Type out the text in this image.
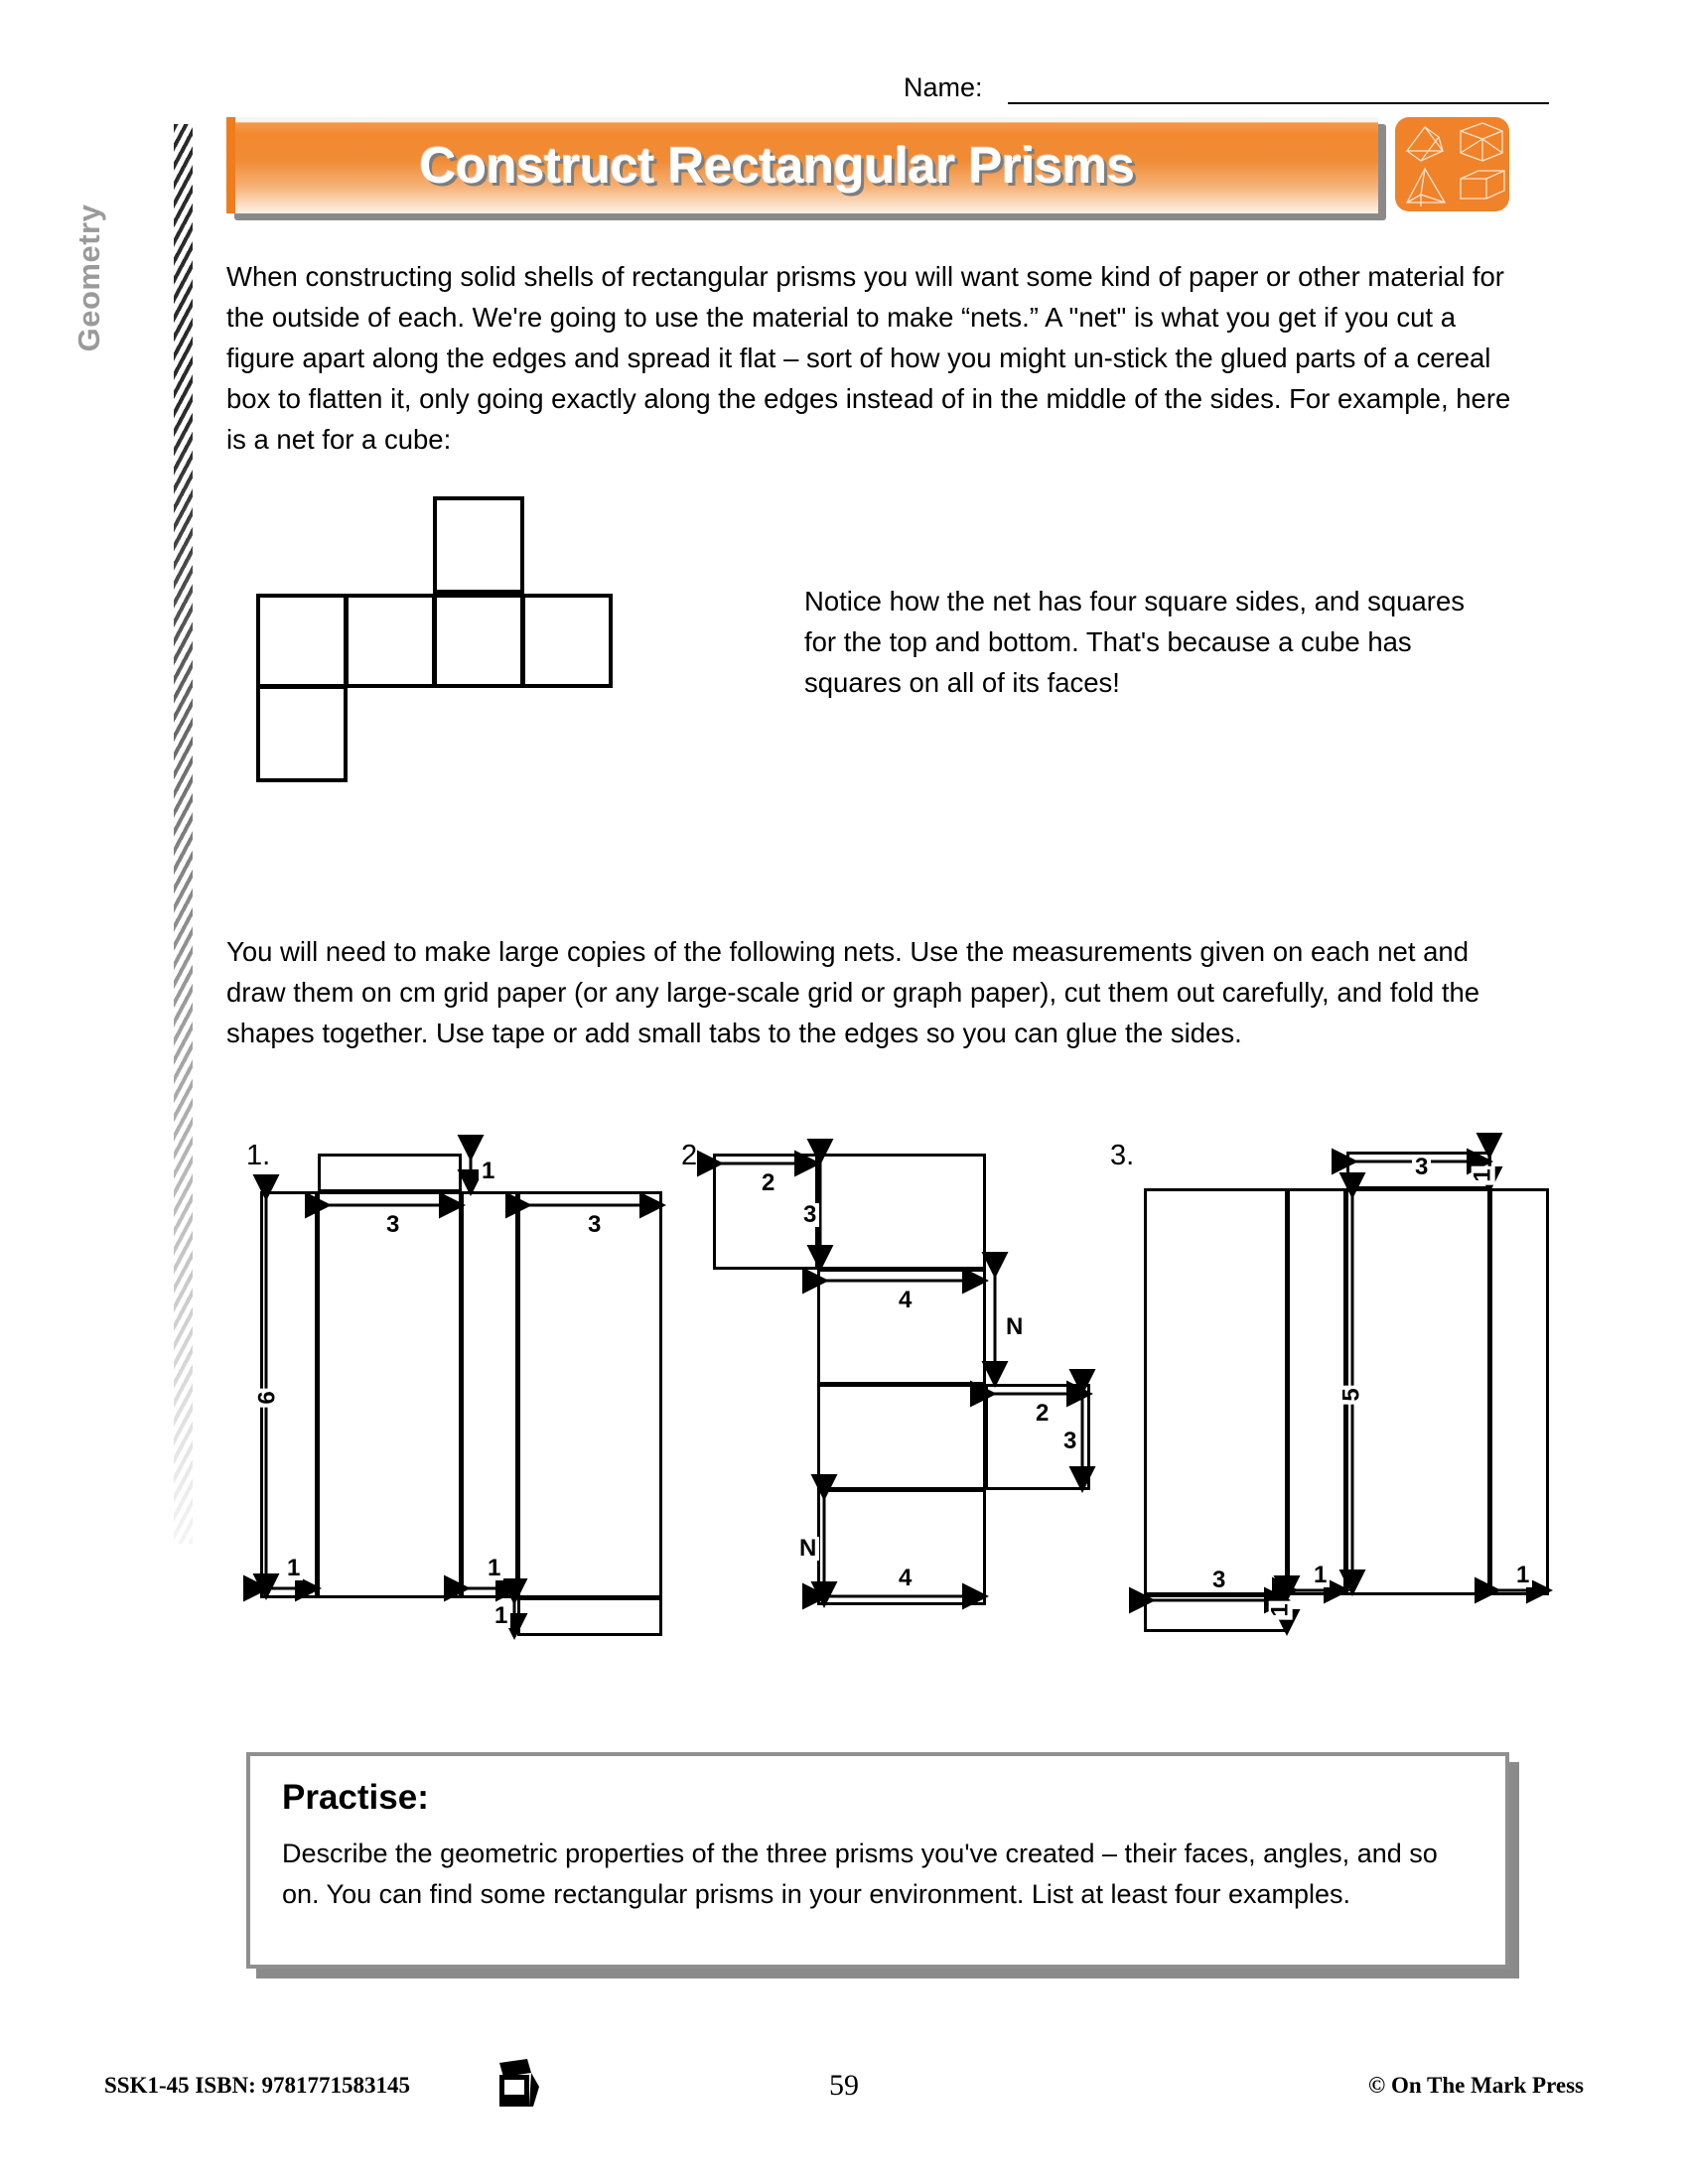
Geometry
Name:
Construct Rectangular Prisms
When constructing solid shells of rectangular prisms you will want some kind of paper or other material for the outside of each. We're going to use the material to make “nets.” A "net" is what you get if you cut a figure apart along the edges and spread it flat – sort of how you might un-stick the glued parts of a cereal box to flatten it, only going exactly along the edges instead of in the middle of the sides. For example, here is a net for a cube:
Notice how the net has four square sides, and squares for the top and bottom. That's because a cube has squares on all of its faces!
You will need to make large copies of the following nets. Use the measurements given on each net and draw them on cm grid paper (or any large-scale grid or graph paper), cut them out carefully, and fold the shapes together. Use tape or add small tabs to the edges so you can glue the sides.
1.	1
3	3
6
1	1
1
2.
2
3
4
N
2
3
N
4
3.	3 1
5
3
1
1	1
Practise:
Describe the geometric properties of the three prisms you've created – their faces, angles, and so on. You can find some rectangular prisms in your environment. List at least four examples.
SSK1-45 ISBN: 9781771583145	59	© On The Mark Press
